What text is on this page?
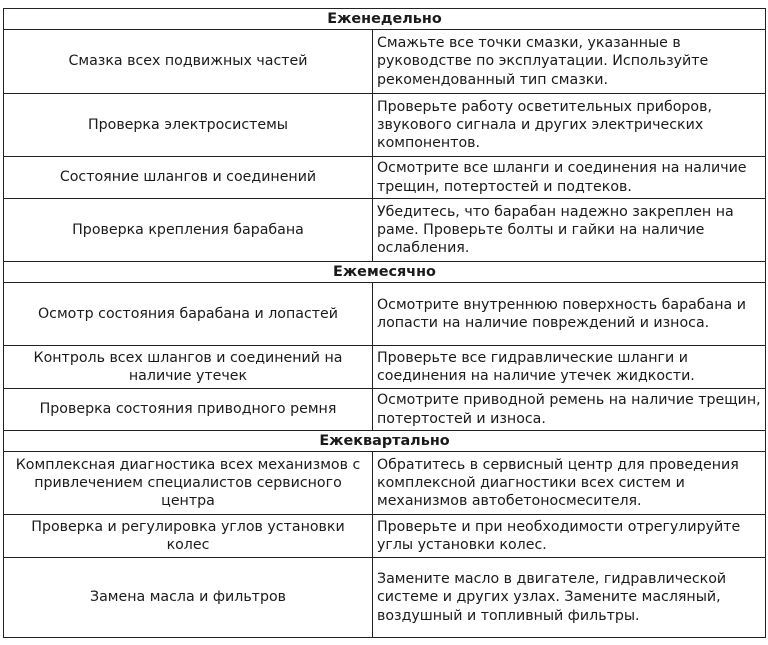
Еженедельно	
Смазка всех подвижных частей	Смажьте все точки смазки, указанные в руководстве по эксплуатации. Используйте рекомендованный тип смазки.
Проверка электросистемы	Проверьте работу осветительных приборов, звукового сигнала и других электрических компонентов.
Состояние шлангов и соединений	Осмотрите все шланги и соединения на наличие трещин, потертостей и подтеков.
Проверка крепления барабана	Убедитесь, что барабан надежно закреплен на раме. Проверьте болты и гайки на наличие ослабления.
Ежемесячно	
Осмотр состояния барабана и лопастей	Осмотрите внутреннюю поверхность барабана и лопасти на наличие повреждений и износа.
Контроль всех шлангов и соединений на наличие утечек	Проверьте все гидравлические шланги и соединения на наличие утечек жидкости.
Проверка состояния приводного ремня	Осмотрите приводной ремень на наличие трещин, потертостей и износа.
Ежеквартально	
Комплексная диагностика всех механизмов с привлечением специалистов сервисного центра	Обратитесь в сервисный центр для проведения комплексной диагностики всех систем и механизмов автобетоносмесителя.
Проверка и регулировка углов установки колес	Проверьте и при необходимости отрегулируйте углы установки колес.
Замена масла и фильтров	Замените масло в двигателе, гидравлической системе и других узлах. Замените масляный, воздушный и топливный фильтры.
